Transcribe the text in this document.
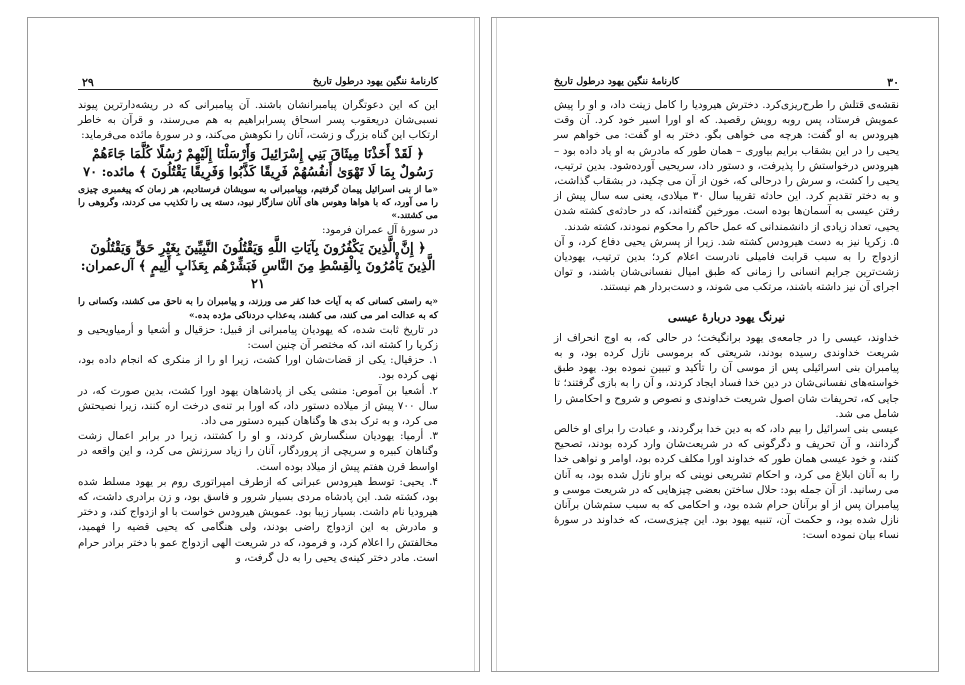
۲۹	کارنامهٔ ننگین یهود درطول تاریخ

این که این دعوتگران پیامبرانشان باشند. آن پیامبرانی که در ریشه‌دارترین پیوند نسبی‌شان دریعقوب پسر اسحاق پسرابراهیم به هم می‌رسند، و قرآن به خاطر ارتکاب این گناه بزرگ و زشت، آنان را نکوهش می‌کند، و در سورهٔ مائده می‌فرماید:

﴿ لَقَدْ أَخَذْنَا مِيثَاقَ بَنِي إِسْرَائِيلَ وَأَرْسَلْنَا إِلَيْهِمْ رُسُلًا كُلَّمَا جَاءَهُمْ رَسُولٌ بِمَا لَا تَهْوَىٰ أَنفُسُهُمْ فَرِيقًا كَذَّبُوا وَفَرِيقًا يَقْتُلُونَ ﴾ مائده: ۷۰

«ما از بنی اسرائیل پیمان گرفتیم، وپیامبرانی به سویشان فرستادیم، هر زمان که پیغمبری چیزی را می آورد، که با هواها وهوس های آنان سازگار نبود، دسته یی را تکذیب می کردند، وگروهی را می کشتند.»

در سورهٔ آل عمران فرمود:

﴿ إِنَّ الَّذِينَ يَكْفُرُونَ بِآيَاتِ اللَّهِ وَيَقْتُلُونَ النَّبِيِّينَ بِغَيْرِ حَقٍّ وَيَقْتُلُونَ الَّذِينَ يَأْمُرُونَ بِالْقِسْطِ مِنَ النَّاسِ فَبَشِّرْهُم بِعَذَابٍ أَلِيمٍ ﴾ آل‌عمران: ۲۱

«به راستی کسانی که به آیات خدا کفر می ورزند، و پیامبران را به ناحق می کشند، وکسانی را که به عدالت امر می کنند، می کشند، به‌عذاب دردناکی مژده بده.»

در تاریخ ثابت شده، که یهودیان پیامبرانی از قبیل: حزقیال و أشعیا و أرمیاویحیی و زکریا را کشته اند، که مختصر آن چنین است:

۱. حزقیال: یکی از قضات‌شان اورا کشت، زیرا او را از منکری که انجام داده بود، نهی کرده بود.

۲. أشعیا بن آموص: منشی یکی از پادشاهان یهود اورا کشت، بدین صورت که، در سال ۷۰۰ پیش از میلاده دستور داد، که اورا بر تنه‌ی درخت اره کنند، زیرا نصیحتش می کرد، و به ترک بدی ها وگناهان کبیره دستور می داد.

۳. أرمیا: یهودیان سنگسارش کردند، و او را کشتند، زیرا در برابر اعمال زشت وگناهان کبیره و سریچی از پروردگار، آنان را زیاد سرزنش می کرد، و این واقعه در اواسط قرن هفتم پیش از میلاد بوده است.

۴. یحیی: توسط هیرودس عبرانی که ازطرف امپراتوری روم بر یهود مسلط شده بود، کشته شد. این پادشاه مردی بسیار شرور و فاسق بود، و زن برادری داشت، که هیرودیا نام داشت. بسیار زیبا بود. عمویش هیرودس خواست با او ازدواج کند، و دختر و مادرش به این ازدواج راضی بودند، ولی هنگامی که یحیی قضیه را فهمید، مخالفتش را اعلام کرد، و فرمود، که در شریعت الهی ازدواج عمو با دختر برادر حرام است. مادر دختر کینه‌ی یحیی را به دل گرفت، و

۳۰
کارنامهٔ ننگین یهود درطول تاریخ

نقشه‌ی قتلش را طرح‌ریزی‌کرد. دخترش هیرودیا را کامل زینت داد، و او را پیش عمویش فرستاد، پس روبه رویش رقصید. که او اورا اسیر خود کرد. آن وقت هیرودس به او گفت: هرچه می خواهی بگو. دختر به او گفت: می خواهم سر یحیی را در این بشقاب برایم بیاوری – همان طور که مادرش به او یاد داده بود – هیرودس درخواستش را پذیرفت، و دستور داد، سریحیی آورده‌شود. بدین ترتیب، یحیی را کشت، و سرش را درحالی که، خون از آن می چکید، در بشقاب گذاشت، و به دختر تقدیم کرد. این حادثه تقریبا سال ۳۰ میلادی، یعنی سه سال پیش از رفتن عیسی به آسمان‌ها بوده است. مورخین گفته‌اند، که در حادثه‌ی کشته شدن یحیی، تعداد زیادی از دانشمندانی که عمل حاکم را محکوم نمودند، کشته شدند.

۵. زکریا نیز به دست هیرودس کشته شد. زیرا از پسرش یحیی دفاع کرد، و آن ازدواج را به سبب قرابت فامیلی نادرست اعلام کرد؛ بدین ترتیب، یهودیان زشت‌ترین جرایم انسانی را زمانی که طبق امیال نفسانی‌شان باشند، و توان اجرای آن نیز داشته باشند، مرتکب می شوند، و دست‌بردار هم نیستند.

نیرنگ یهود دربارهٔ عیسی

خداوند، عیسی را در جامعه‌ی یهود برانگیخت؛ در حالی که، به اوج انحراف از شریعت خداوندی رسیده بودند، شریعتی که برموسی نازل کرده بود، و به پیامبران بنی اسرائیلی پس از موسی آن را تأکید و تبیین نموده بود. یهود طبق خواسته‌های نفسانی‌شان در دین خدا فساد ایجاد کردند، و آن را به بازی گرفتند؛ تا جایی که، تحریفات شان اصول شریعت خداوندی و نصوص و شروح و احکامش را شامل می شد.

عیسی بنی اسرائیل را بیم داد، که به دین خدا برگردند، و عبادت را برای او خالص گردانند، و آن تحریف و دگرگونی که در شریعت‌شان وارد کرده بودند، تصحیح کنند، و خود عیسی همان طور که خداوند اورا مکلف کرده بود، اوامر و نواهی خدا را به آنان ابلاغ می کرد، و احکام تشریعی نوینی که براو نازل شده بود، به آنان می رسانید. از آن جمله بود: حلال ساختن بعضی چیزهایی که در شریعت موسی و پیامبران پس از او برآنان حرام شده بود، و احکامی که به سبب ستم‌شان برآنان نازل شده بود، و حکمت آن، تنبیه یهود بود. این چیزی‌ست، که خداوند در سورهٔ نساء بیان نموده است:
